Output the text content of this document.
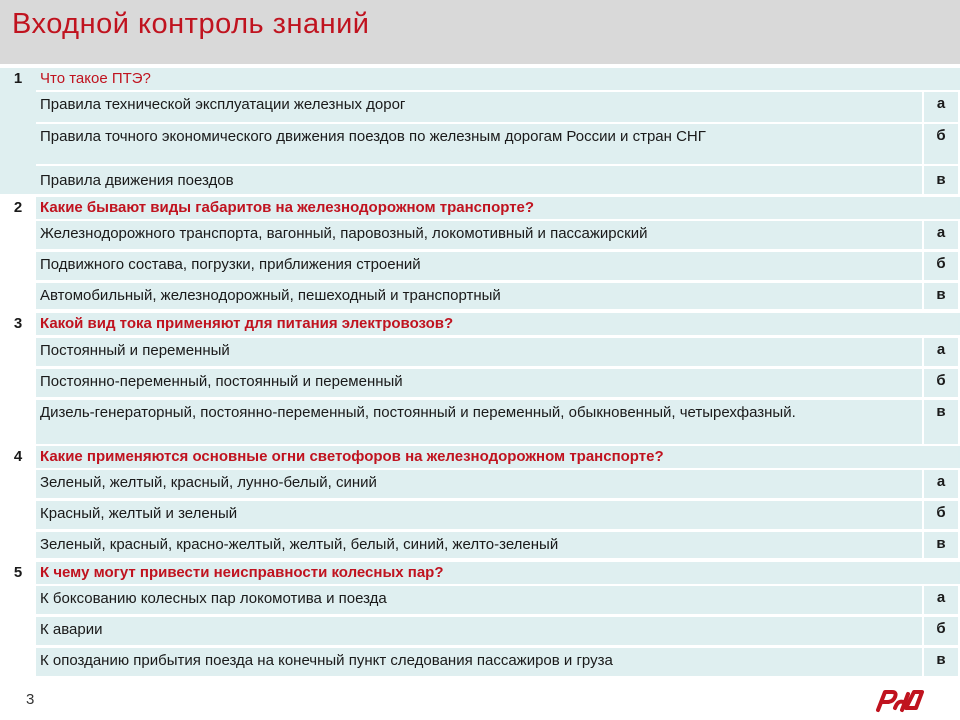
Входной контроль знаний
1	Что такое ПТЭ?
Правила технической эксплуатации железных дорог	а
Правила точного экономического движения поездов по железным дорогам России и стран СНГ	б
Правила движения поездов	в
2	Какие бывают виды габаритов на железнодорожном транспорте?
Железнодорожного транспорта, вагонный, паровозный, локомотивный и пассажирский	а
Подвижного состава, погрузки, приближения строений	б
Автомобильный, железнодорожный, пешеходный и транспортный	в
3	Какой вид тока применяют для питания электровозов?
Постоянный и переменный	а
Постоянно-переменный, постоянный и переменный	б
Дизель-генераторный, постоянно-переменный, постоянный и переменный, обыкновенный, четырехфазный.	в
4	Какие применяются основные огни светофоров на железнодорожном транспорте?
Зеленый, желтый, красный, лунно-белый, синий	а
Красный, желтый и зеленый	б
Зеленый, красный, красно-желтый, желтый, белый, синий, желто-зеленый	в
5	К чему могут привести неисправности колесных пар?
К боксованию колесных пар локомотива и поезда	а
К аварии	б
К опозданию прибытия поезда на конечный пункт следования пассажиров и груза	в
3
